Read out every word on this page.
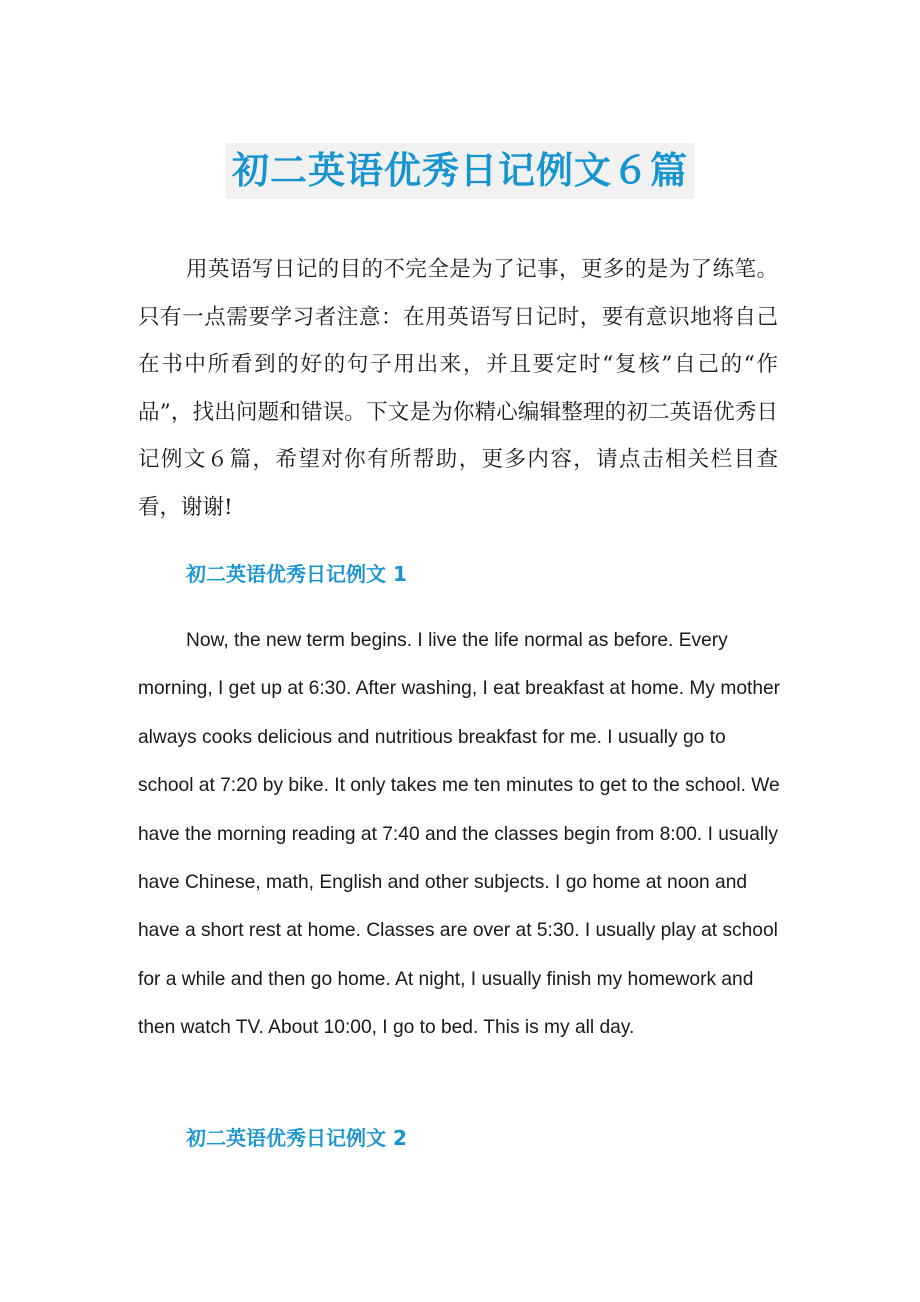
初二英语优秀日记例文６篇

用英语写日记的目的不完全是为了记事，更多的是为了练笔。只有一点需要学习者注意：在用英语写日记时，要有意识地将自己在书中所看到的好的句子用出来，并且要定时“复核”自己的“作品”，找出问题和错误。下文是为你精心编辑整理的初二英语优秀日记例文６篇，希望对你有所帮助，更多内容，请点击相关栏目查看，谢谢!

初二英语优秀日记例文 1

Now, the new term begins. I live the life normal as before. Every morning, I get up at 6:30. After washing, I eat breakfast at home. My mother always cooks delicious and nutritious breakfast for me. I usually go to school at 7:20 by bike. It only takes me ten minutes to get to the school. We have the morning reading at 7:40 and the classes begin from 8:00. I usually have Chinese, math, English and other subjects. I go home at noon and have a short rest at home. Classes are over at 5:30. I usually play at school for a while and then go home. At night, I usually finish my homework and then watch TV. About 10:00, I go to bed. This is my all day.

初二英语优秀日记例文 2
